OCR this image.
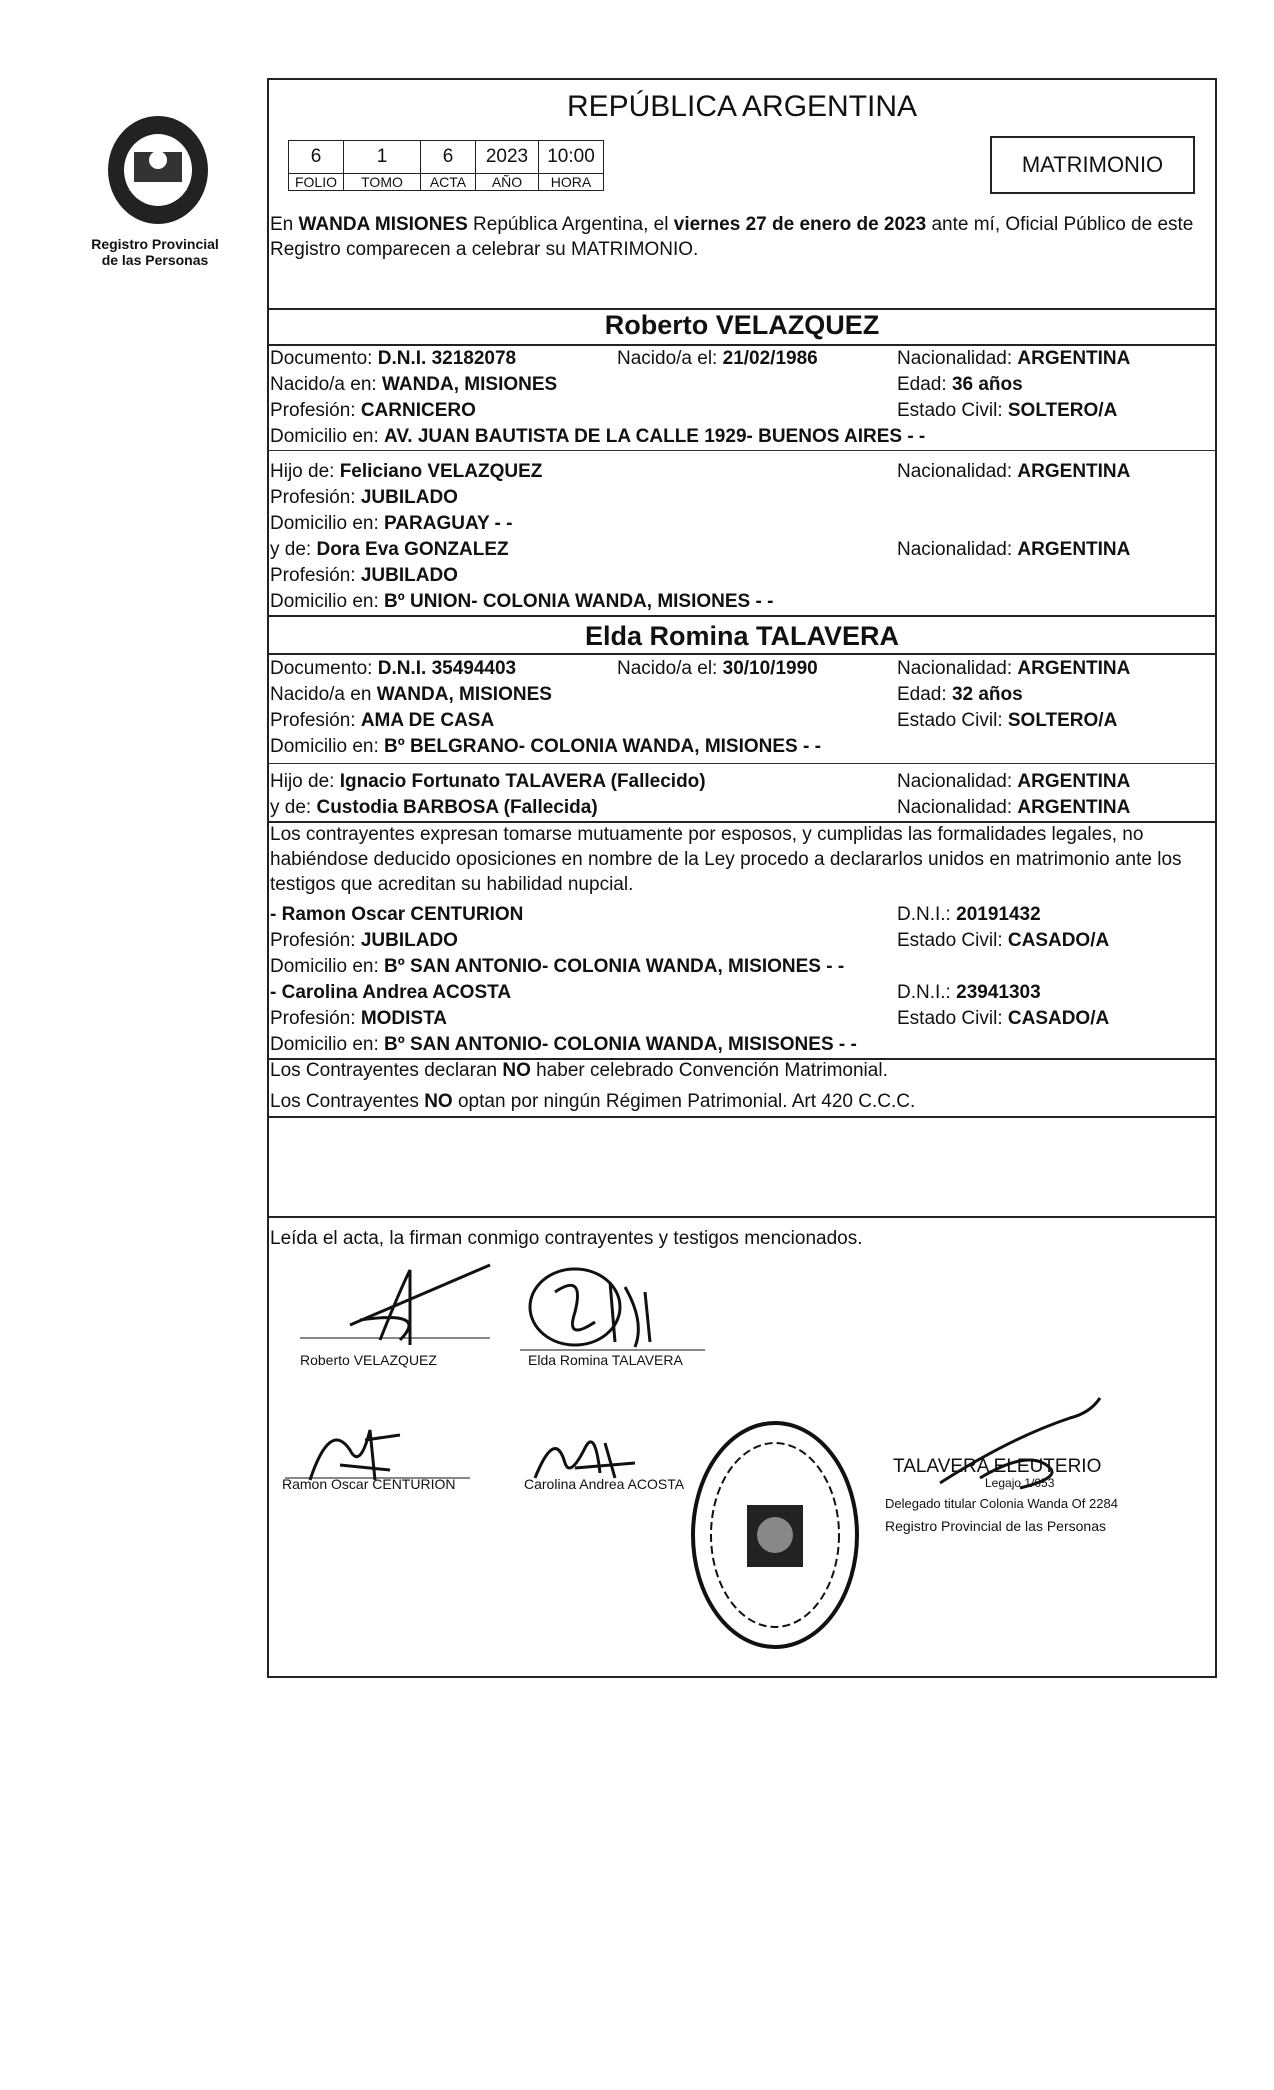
Registro Provincial
de las Personas
REPÚBLICA ARGENTINA
6	1	6	2023	10:00
FOLIO	TOMO	ACTA	AÑO	HORA
MATRIMONIO
En WANDA MISIONES República Argentina, el viernes 27 de enero de 2023 ante mí, Oficial Público de este Registro comparecen a celebrar su MATRIMONIO.
Roberto VELAZQUEZ
Documento: D.N.I. 32182078	Nacido/a el: 21/02/1986	Nacionalidad: ARGENTINA
Nacido/a en: WANDA, MISIONES	Edad: 36 años
Profesión: CARNICERO	Estado Civil: SOLTERO/A
Domicilio en: AV. JUAN BAUTISTA DE LA CALLE 1929- BUENOS AIRES - -
Hijo de: Feliciano VELAZQUEZ	Nacionalidad: ARGENTINA
Profesión: JUBILADO
Domicilio en: PARAGUAY - -
y de: Dora Eva GONZALEZ	Nacionalidad: ARGENTINA
Profesión: JUBILADO
Domicilio en: Bº UNION- COLONIA WANDA, MISIONES - -
Elda Romina TALAVERA
Documento: D.N.I. 35494403	Nacido/a el: 30/10/1990	Nacionalidad: ARGENTINA
Nacido/a en WANDA, MISIONES	Edad: 32 años
Profesión: AMA DE CASA	Estado Civil: SOLTERO/A
Domicilio en: Bº BELGRANO- COLONIA WANDA, MISIONES - -
Hijo de: Ignacio Fortunato TALAVERA (Fallecido)	Nacionalidad: ARGENTINA
y de: Custodia BARBOSA (Fallecida)	Nacionalidad: ARGENTINA
Los contrayentes expresan tomarse mutuamente por esposos, y cumplidas las formalidades legales, no habiéndose deducido oposiciones en nombre de la Ley procedo a declararlos unidos en matrimonio ante los testigos que acreditan su habilidad nupcial.
- Ramon Oscar CENTURION	D.N.I.: 20191432
Profesión: JUBILADO	Estado Civil: CASADO/A
Domicilio en: Bº SAN ANTONIO- COLONIA WANDA, MISIONES - -
- Carolina Andrea ACOSTA	D.N.I.: 23941303
Profesión: MODISTA	Estado Civil: CASADO/A
Domicilio en: Bº SAN ANTONIO- COLONIA WANDA, MISISONES - -
Los Contrayentes declaran NO haber celebrado Convención Matrimonial.
Los Contrayentes NO optan por ningún Régimen Patrimonial. Art 420 C.C.C.
Leída el acta, la firman conmigo contrayentes y testigos mencionados.
Roberto VELAZQUEZ	Elda Romina TALAVERA
Ramon Oscar CENTURION	Carolina Andrea ACOSTA
TALAVERA ELEUTERIO
Legajo 1/053
Delegado titular Colonia Wanda Of 2284
Registro Provincial de las Personas
